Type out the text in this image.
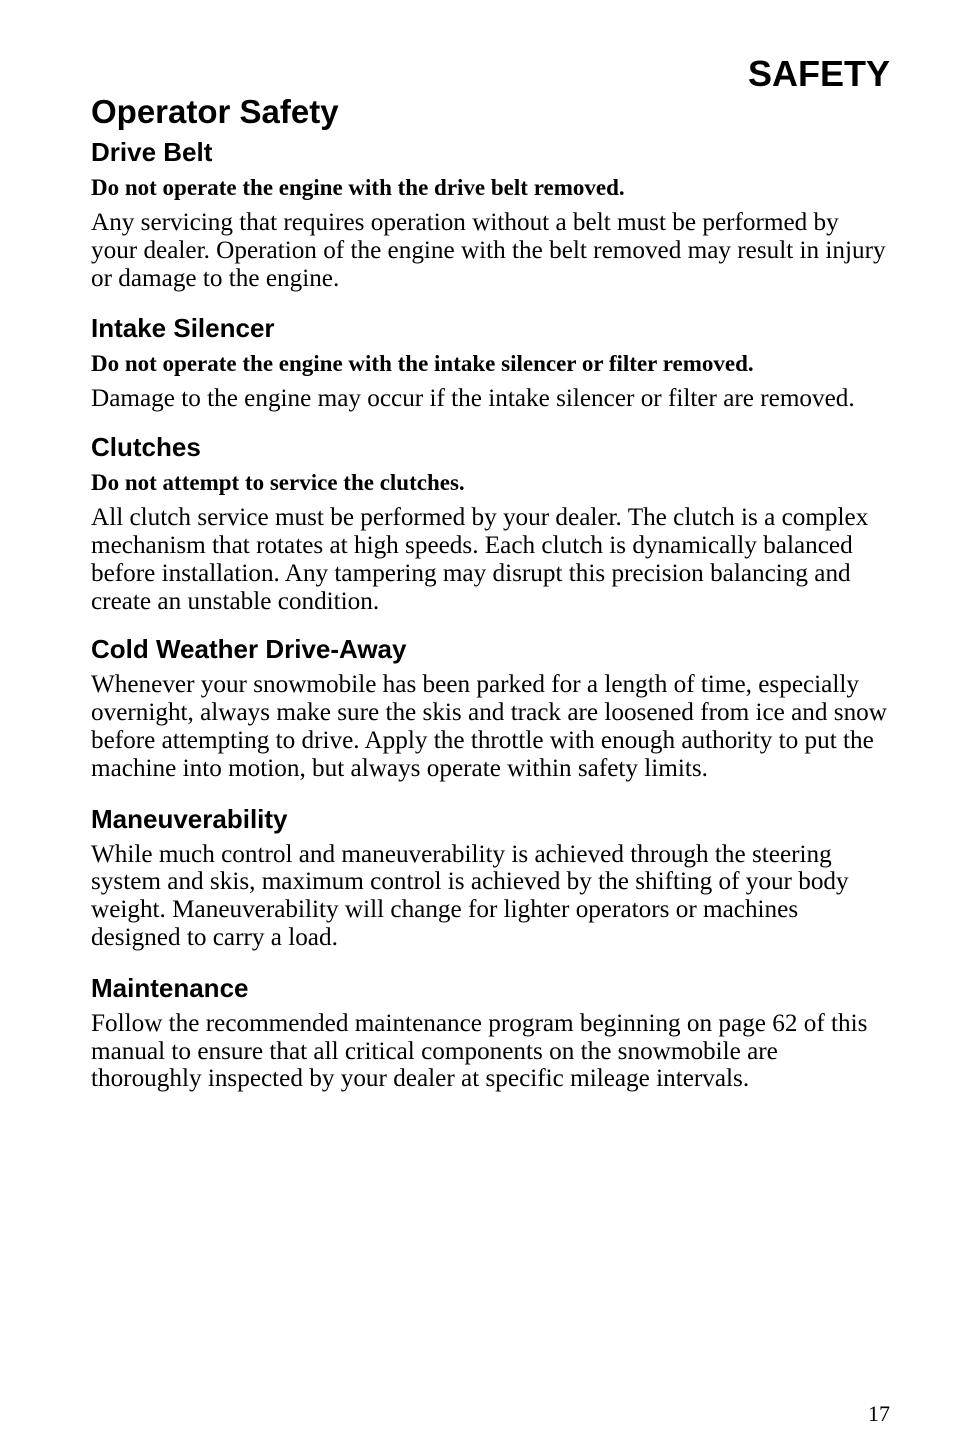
SAFETY
Operator Safety
Drive Belt

Do not operate the engine with the drive belt removed.

Any servicing that requires operation without a belt must be performed by your dealer. Operation of the engine with the belt removed may result in injury or damage to the engine.

Intake Silencer

Do not operate the engine with the intake silencer or filter removed.

Damage to the engine may occur if the intake silencer or filter are removed.

Clutches

Do not attempt to service the clutches.

All clutch service must be performed by your dealer. The clutch is a complex mechanism that rotates at high speeds. Each clutch is dynamically balanced before installation. Any tampering may disrupt this precision balancing and create an unstable condition.

Cold Weather Drive-Away

Whenever your snowmobile has been parked for a length of time, especially overnight, always make sure the skis and track are loosened from ice and snow before attempting to drive. Apply the throttle with enough authority to put the machine into motion, but always operate within safety limits.

Maneuverability

While much control and maneuverability is achieved through the steering system and skis, maximum control is achieved by the shifting of your body weight. Maneuverability will change for lighter operators or machines designed to carry a load.

Maintenance

Follow the recommended maintenance program beginning on page 62 of this manual to ensure that all critical components on the snowmobile are thoroughly inspected by your dealer at specific mileage intervals.

17
